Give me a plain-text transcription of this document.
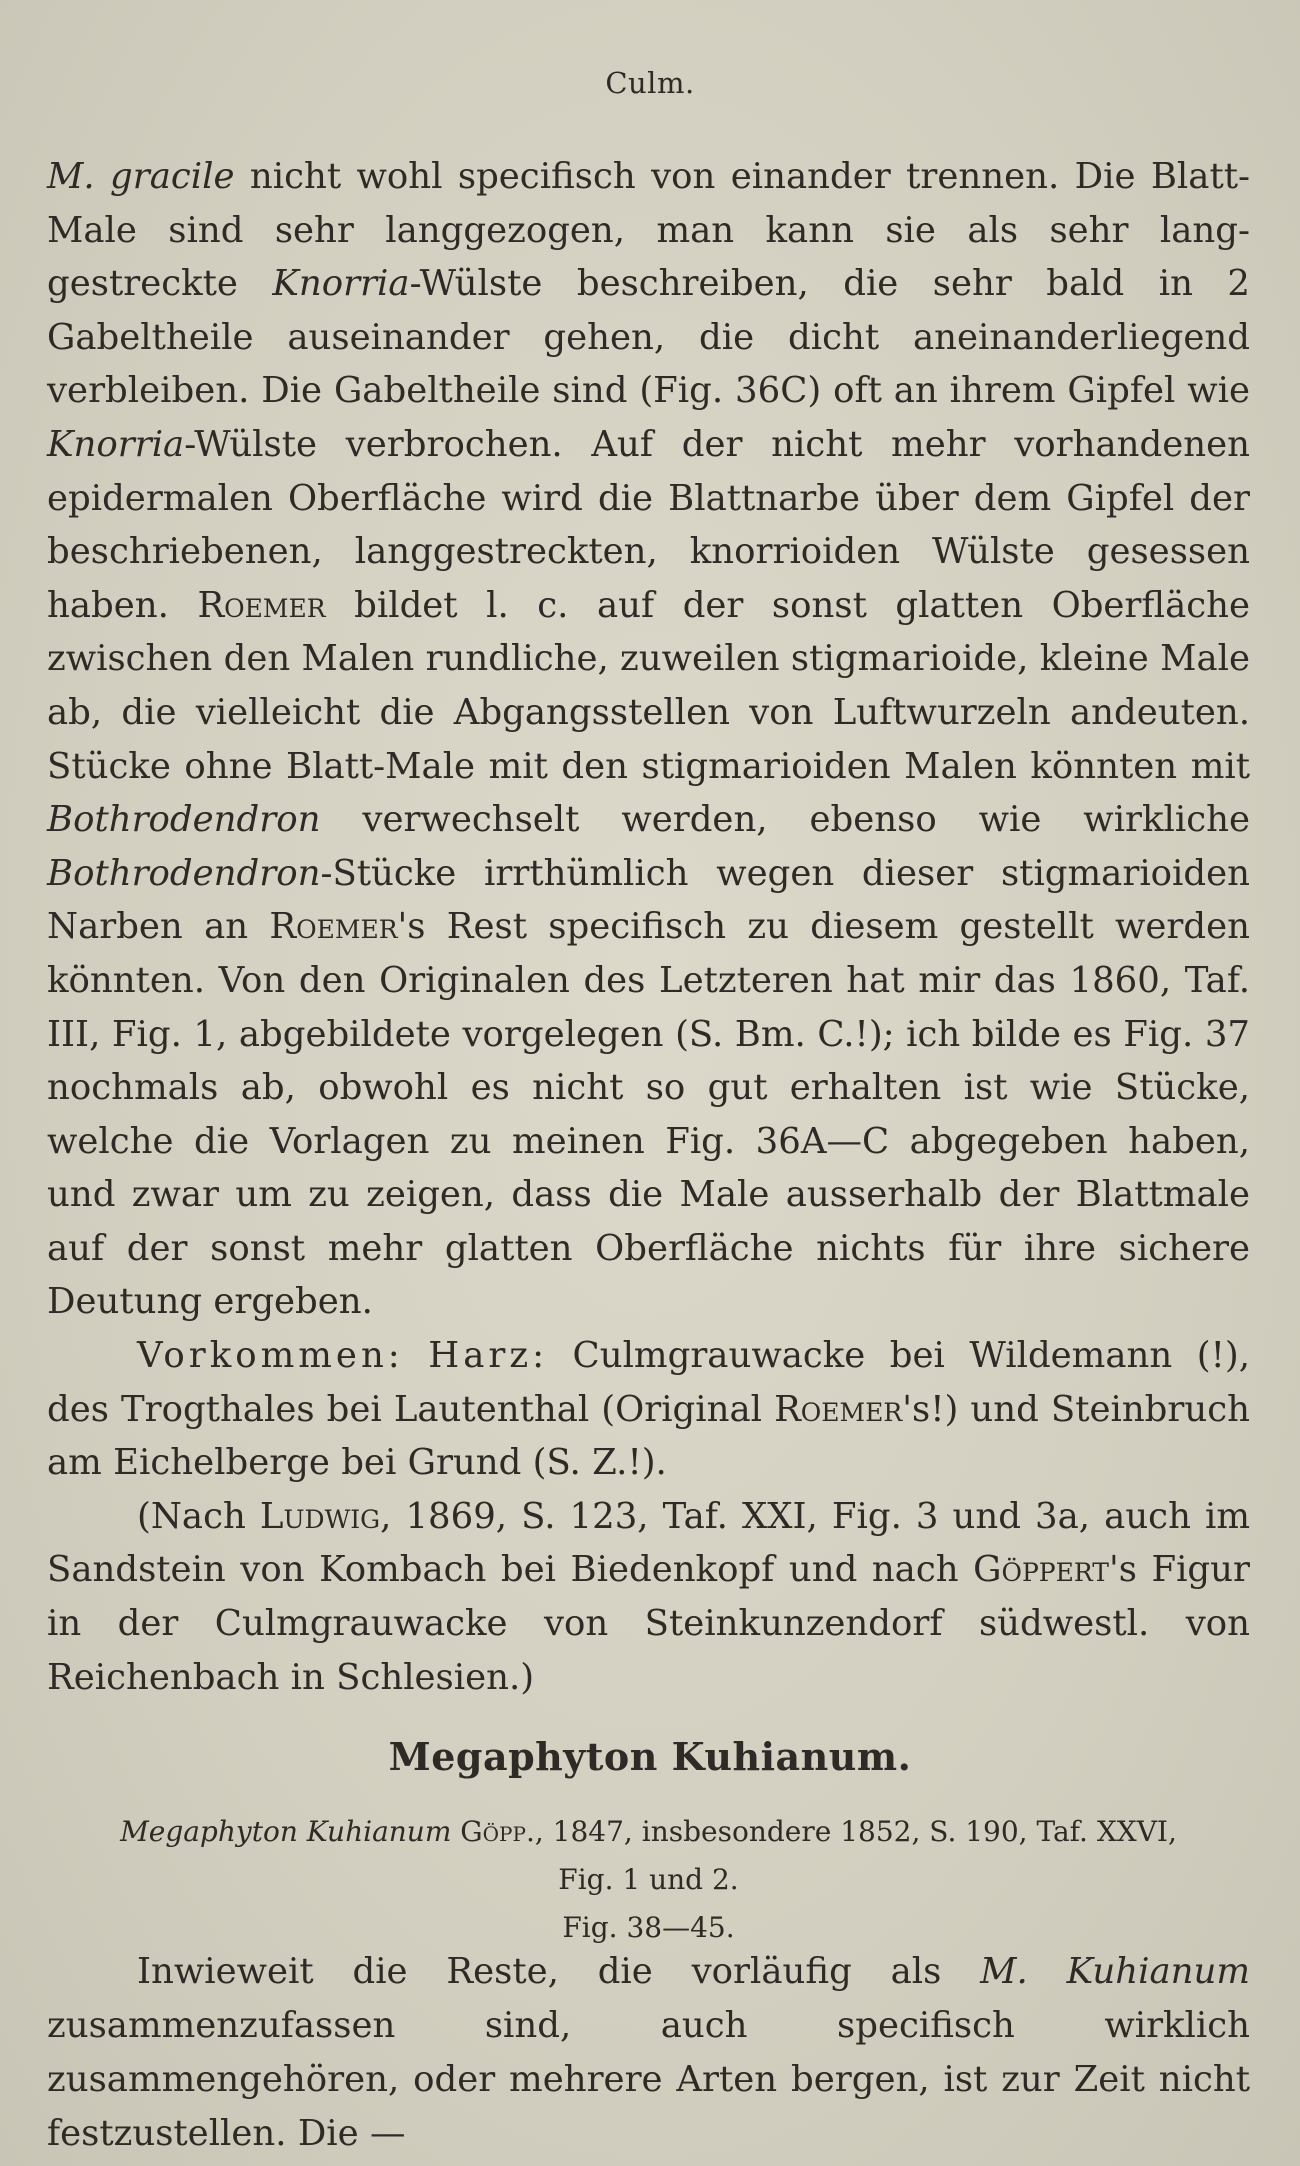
Culm.

M. gracile nicht wohl specifisch von einander trennen. Die Blatt-Male sind sehr langgezogen, man kann sie als sehr lang-gestreckte Knorria-Wülste beschreiben, die sehr bald in 2 Gabeltheile auseinander gehen, die dicht aneinanderliegend verbleiben. Die Gabeltheile sind (Fig. 36C) oft an ihrem Gipfel wie Knorria-Wülste verbrochen. Auf der nicht mehr vorhandenen epidermalen Oberfläche wird die Blattnarbe über dem Gipfel der beschriebenen, langgestreckten, knorrioiden Wülste gesessen haben. Roemer bildet l. c. auf der sonst glatten Oberfläche zwischen den Malen rundliche, zuweilen stigmarioide, kleine Male ab, die vielleicht die Abgangsstellen von Luftwurzeln andeuten. Stücke ohne Blatt-Male mit den stigmarioiden Malen könnten mit Bothrodendron verwechselt werden, ebenso wie wirkliche Bothrodendron-Stücke irrthümlich wegen dieser stigmarioiden Narben an Roemer's Rest specifisch zu diesem gestellt werden könnten. Von den Originalen des Letzteren hat mir das 1860, Taf. III, Fig. 1, abgebildete vorgelegen (S. Bm. C.!); ich bilde es Fig. 37 nochmals ab, obwohl es nicht so gut erhalten ist wie Stücke, welche die Vorlagen zu meinen Fig. 36A—C abgegeben haben, und zwar um zu zeigen, dass die Male ausserhalb der Blattmale auf der sonst mehr glatten Oberfläche nichts für ihre sichere Deutung ergeben.

Vorkommen: Harz: Culmgrauwacke bei Wildemann (!), des Trogthales bei Lautenthal (Original Roemer's!) und Steinbruch am Eichelberge bei Grund (S. Z.!).

(Nach Ludwig, 1869, S. 123, Taf. XXI, Fig. 3 und 3a, auch im Sandstein von Kombach bei Biedenkopf und nach Göppert's Figur in der Culmgrauwacke von Steinkunzendorf südwestl. von Reichenbach in Schlesien.)

Megaphyton Kuhianum.
Megaphyton Kuhianum Göpp., 1847, insbesondere 1852, S. 190, Taf. XXVI,
Fig. 1 und 2.
Fig. 38—45.

Inwieweit die Reste, die vorläufig als M. Kuhianum zusammenzufassen sind, auch specifisch wirklich zusammengehören, oder mehrere Arten bergen, ist zur Zeit nicht festzustellen. Die —
